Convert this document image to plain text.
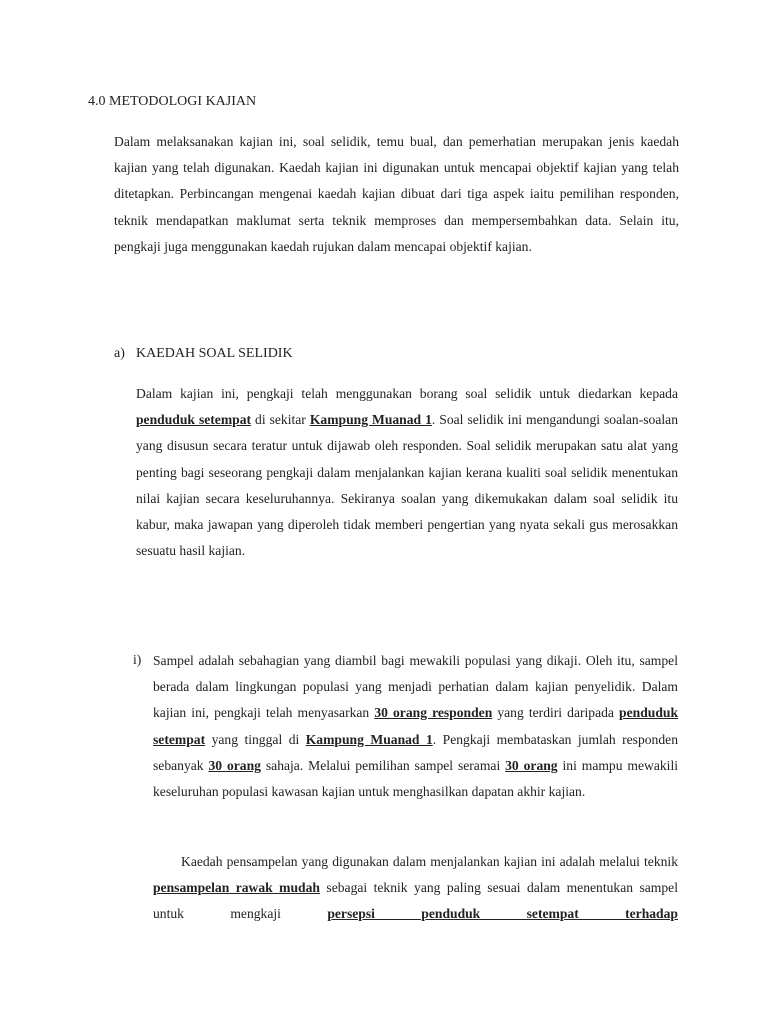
4.0 METODOLOGI KAJIAN

Dalam melaksanakan kajian ini, soal selidik, temu bual, dan pemerhatian merupakan jenis kaedah kajian yang telah digunakan. Kaedah kajian ini digunakan untuk mencapai objektif kajian yang telah ditetapkan. Perbincangan mengenai kaedah kajian dibuat dari tiga aspek iaitu pemilihan responden, teknik mendapatkan maklumat serta teknik memproses dan mempersembahkan data. Selain itu, pengkaji juga menggunakan kaedah rujukan dalam mencapai objektif kajian.

a) KAEDAH SOAL SELIDIK

Dalam kajian ini, pengkaji telah menggunakan borang soal selidik untuk diedarkan kepada penduduk setempat di sekitar Kampung Muanad 1. Soal selidik ini mengandungi soalan-soalan yang disusun secara teratur untuk dijawab oleh responden. Soal selidik merupakan satu alat yang penting bagi seseorang pengkaji dalam menjalankan kajian kerana kualiti soal selidik menentukan nilai kajian secara keseluruhannya. Sekiranya soalan yang dikemukakan dalam soal selidik itu kabur, maka jawapan yang diperoleh tidak memberi pengertian yang nyata sekali gus merosakkan sesuatu hasil kajian.

i) Sampel adalah sebahagian yang diambil bagi mewakili populasi yang dikaji. Oleh itu, sampel berada dalam lingkungan populasi yang menjadi perhatian dalam kajian penyelidik. Dalam kajian ini, pengkaji telah menyasarkan 30 orang responden yang terdiri daripada penduduk setempat yang tinggal di Kampung Muanad 1. Pengkaji membataskan jumlah responden sebanyak 30 orang sahaja. Melalui pemilihan sampel seramai 30 orang ini mampu mewakili keseluruhan populasi kawasan kajian untuk menghasilkan dapatan akhir kajian.

Kaedah pensampelan yang digunakan dalam menjalankan kajian ini adalah melalui teknik pensampelan rawak mudah sebagai teknik yang paling sesuai dalam menentukan sampel untuk mengkaji persepsi penduduk setempat terhadap
